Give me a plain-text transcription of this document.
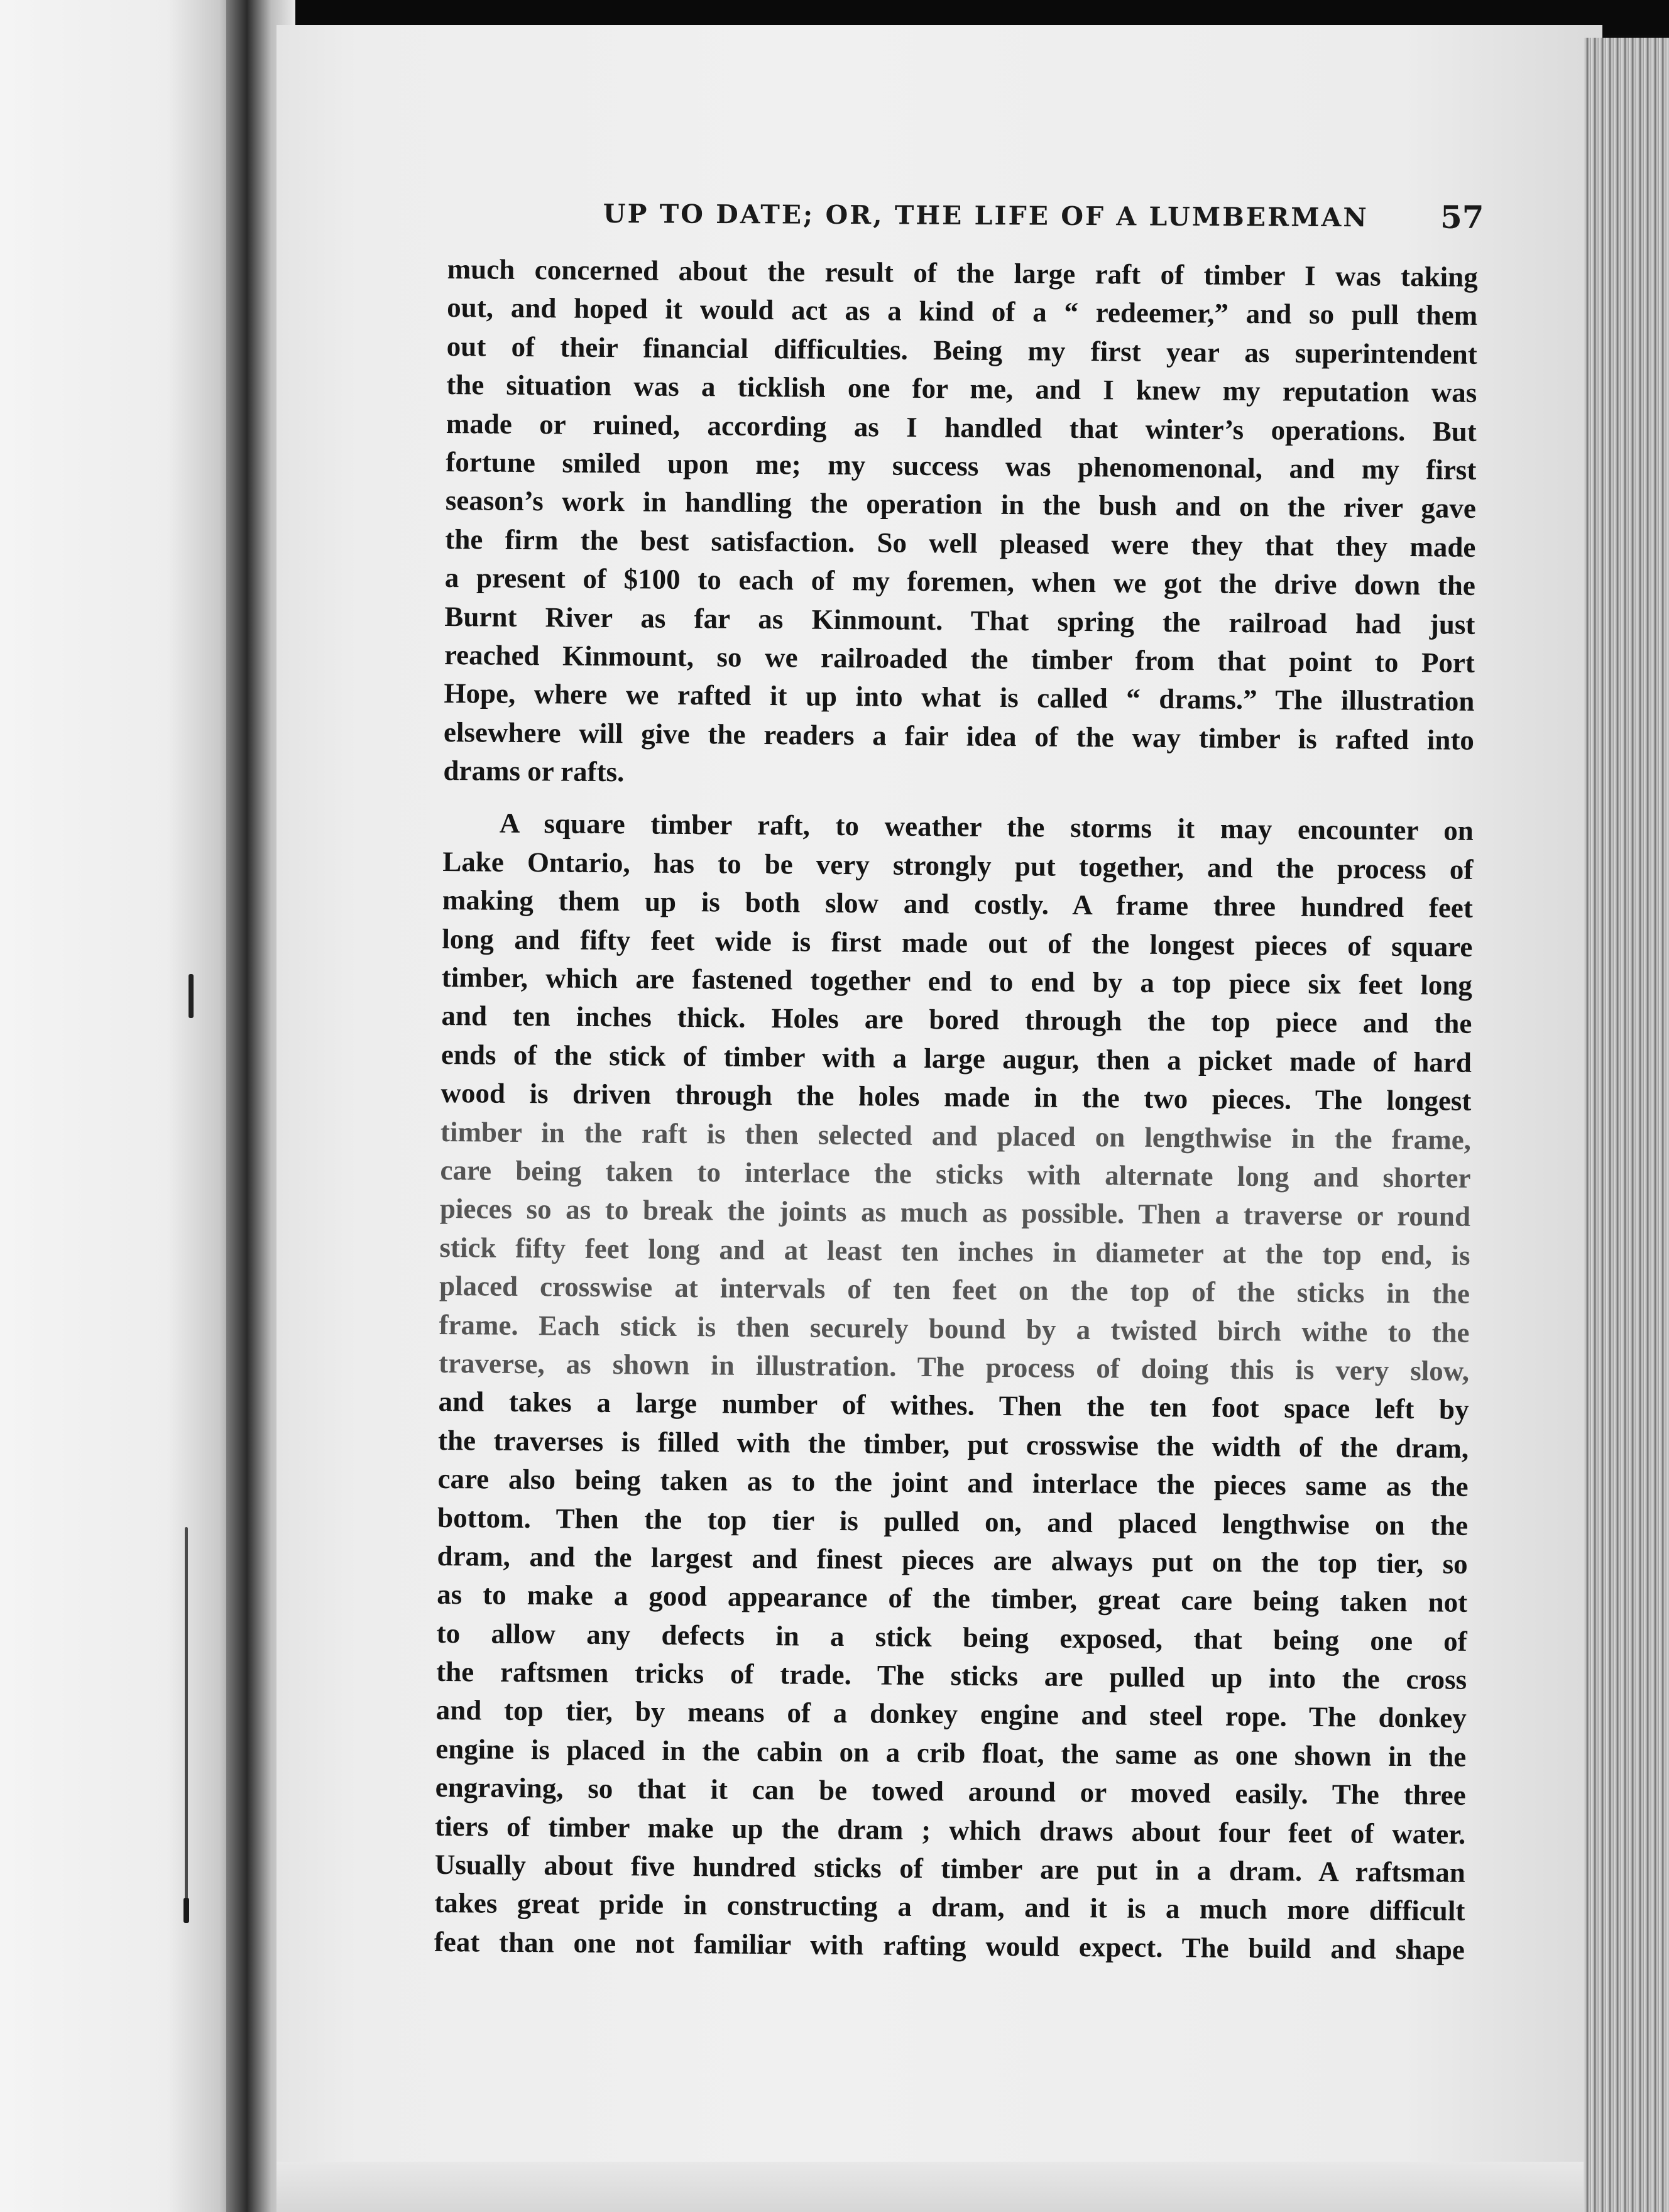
UP TO DATE; OR, THE LIFE OF A LUMBERMAN	57
much concerned about the result of the large raft of timber I was taking
out, and hoped it would act as a kind of a “ redeemer,” and so pull them
out of their financial difficulties. Being my first year as superintendent
the situation was a ticklish one for me, and I knew my reputation was
made or ruined, according as I handled that winter’s operations. But
fortune smiled upon me; my success was phenomenonal, and my first
season’s work in handling the operation in the bush and on the river gave
the firm the best satisfaction. So well pleased were they that they made
a present of $100 to each of my foremen, when we got the drive down the
Burnt River as far as Kinmount. That spring the railroad had just
reached Kinmount, so we railroaded the timber from that point to Port
Hope, where we rafted it up into what is called “ drams.” The illustration
elsewhere will give the readers a fair idea of the way timber is rafted into
drams or rafts.
A square timber raft, to weather the storms it may encounter on
Lake Ontario, has to be very strongly put together, and the process of
making them up is both slow and costly. A frame three hundred feet
long and fifty feet wide is first made out of the longest pieces of square
timber, which are fastened together end to end by a top piece six feet long
and ten inches thick. Holes are bored through the top piece and the
ends of the stick of timber with a large augur, then a picket made of hard
wood is driven through the holes made in the two pieces. The longest
timber in the raft is then selected and placed on lengthwise in the frame,
care being taken to interlace the sticks with alternate long and shorter
pieces so as to break the joints as much as possible. Then a traverse or round
stick fifty feet long and at least ten inches in diameter at the top end, is
placed crosswise at intervals of ten feet on the top of the sticks in the
frame. Each stick is then securely bound by a twisted birch withe to the
traverse, as shown in illustration. The process of doing this is very slow,
and takes a large number of withes. Then the ten foot space left by
the traverses is filled with the timber, put crosswise the width of the dram,
care also being taken as to the joint and interlace the pieces same as the
bottom. Then the top tier is pulled on, and placed lengthwise on the
dram, and the largest and finest pieces are always put on the top tier, so
as to make a good appearance of the timber, great care being taken not
to allow any defects in a stick being exposed, that being one of
the raftsmen tricks of trade. The sticks are pulled up into the cross
and top tier, by means of a donkey engine and steel rope. The donkey
engine is placed in the cabin on a crib float, the same as one shown in the
engraving, so that it can be towed around or moved easily. The three
tiers of timber make up the dram ; which draws about four feet of water.
Usually about five hundred sticks of timber are put in a dram. A raftsman
takes great pride in constructing a dram, and it is a much more difficult
feat than one not familiar with rafting would expect. The build and shape
